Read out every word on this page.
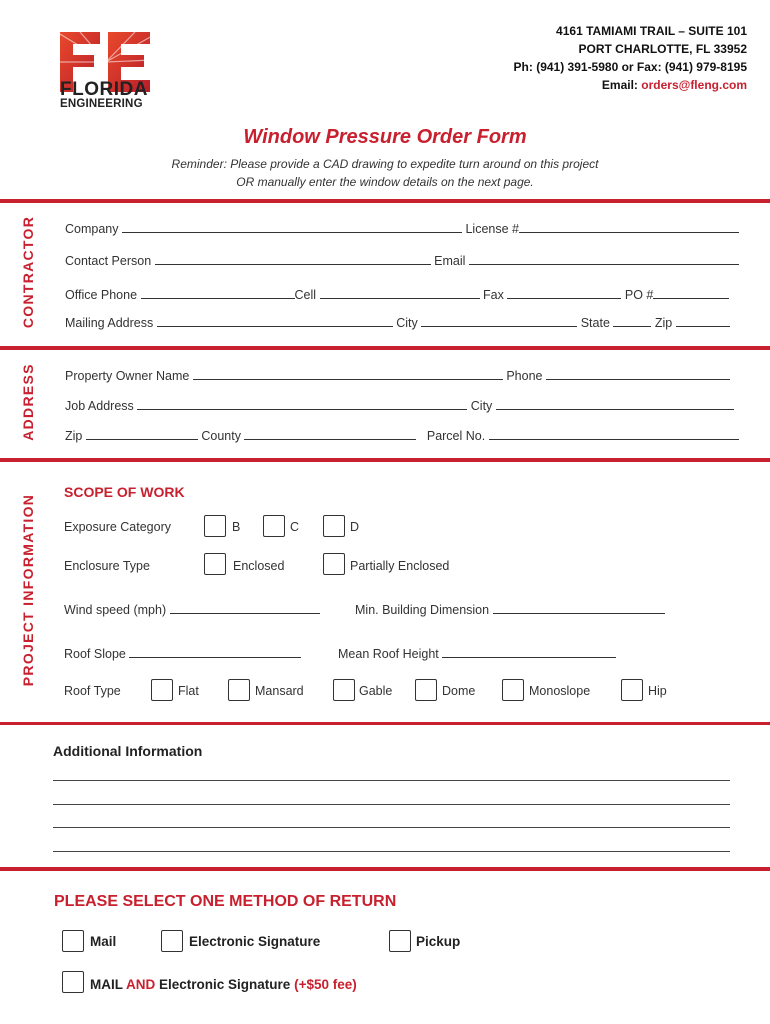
FLORIDA
ENGINEERING
4161 TAMIAMI TRAIL – SUITE 101
PORT CHARLOTTE, FL 33952
Ph: (941) 391-5980 or Fax: (941) 979-8195
Email: orders@fleng.com
Window Pressure Order Form
Reminder: Please provide a CAD drawing to expedite turn around on this project
OR manually enter the window details on the next page.
CONTRACTOR
ADDRESS
PROJECT INFORMATION
Company	License #
Contact Person	Email
Office Phone	Cell	Fax	PO #
Mailing Address	City	State	Zip
Property Owner Name	Phone
Job Address	City
Zip	County	Parcel No.
SCOPE OF WORK
Exposure Category	B	C	D
Enclosure Type	Enclosed	Partially Enclosed
Wind speed (mph)	Min. Building Dimension
Roof Slope	Mean Roof Height
Roof Type	Flat	Mansard	Gable	Dome	Monoslope	Hip
Additional Information
PLEASE SELECT ONE METHOD OF RETURN
Mail	Electronic Signature	Pickup
MAIL AND Electronic Signature (+$50 fee)
